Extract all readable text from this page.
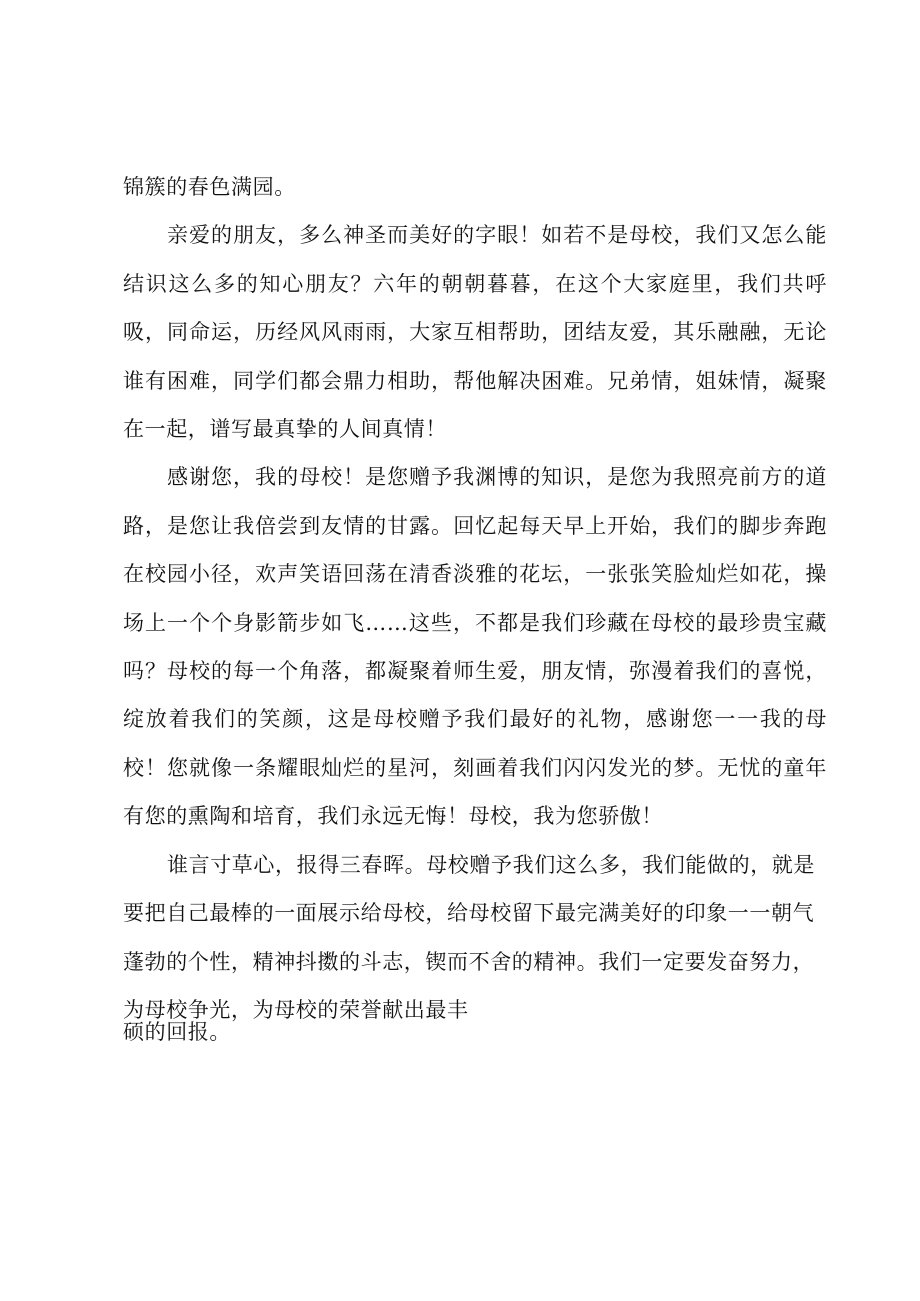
锦簇的春色满园。

亲爱的朋友，多么神圣而美好的字眼！如若不是母校，我们又怎么能结识这么多的知心朋友？六年的朝朝暮暮，在这个大家庭里，我们共呼吸，同命运，历经风风雨雨，大家互相帮助，团结友爱，其乐融融，无论谁有困难，同学们都会鼎力相助，帮他解决困难。兄弟情，姐妹情，凝聚在一起，谱写最真挚的人间真情！

感谢您，我的母校！是您赠予我渊博的知识，是您为我照亮前方的道路，是您让我倍尝到友情的甘露。回忆起每天早上开始，我们的脚步奔跑在校园小径，欢声笑语回荡在清香淡雅的花坛，一张张笑脸灿烂如花，操场上一个个身影箭步如飞……这些，不都是我们珍藏在母校的最珍贵宝藏吗？母校的每一个角落，都凝聚着师生爱，朋友情，弥漫着我们的喜悦，绽放着我们的笑颜，这是母校赠予我们最好的礼物，感谢您一一我的母校！您就像一条耀眼灿烂的星河，刻画着我们闪闪发光的梦。无忧的童年有您的熏陶和培育，我们永远无悔！母校，我为您骄傲！

谁言寸草心，报得三春晖。母校赠予我们这么多，我们能做的，就是要把自己最棒的一面展示给母校，给母校留下最完满美好的印象一一朝气蓬勃的个性，精神抖擞的斗志，锲而不舍的精神。我们一定要发奋努力，为母校争光，为母校的荣誉献出最丰

硕的回报。
